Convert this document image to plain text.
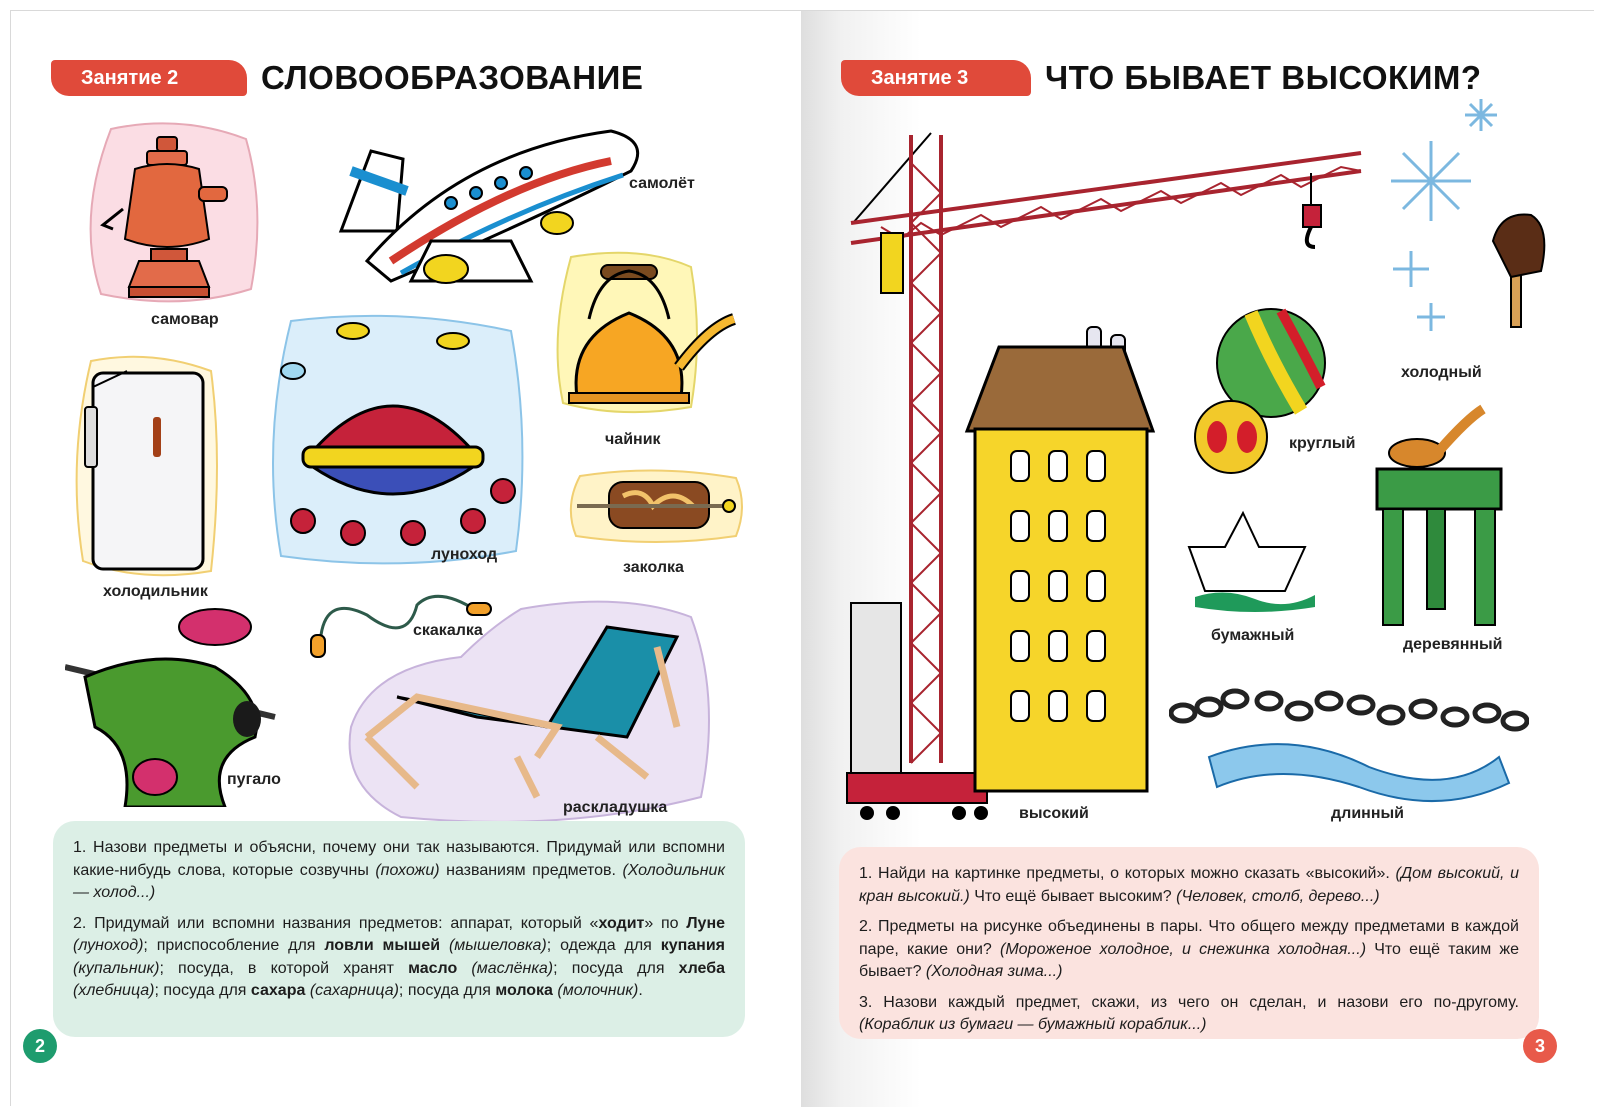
Занятие 2	СЛОВООБРАЗОВАНИЕ
самовар
самолёт
чайник
холодильник
луноход
заколка
скакалка
пугало
раскладушка

1. Назови предметы и объясни, почему они так называются. Придумай или вспомни какие-нибудь слова, которые созвучны (похожи) названиям предметов. (Холодильник — холод...)

2. Придумай или вспомни названия предметов: аппарат, который «ходит» по Луне (луноход); приспособление для ловли мышей (мышеловка); одежда для купания (купальник); посуда, в которой хранят масло (маслёнка); посуда для хлеба (хлебница); посуда для сахара (сахарница); посуда для молока (молочник).

2
Занятие 3	ЧТО БЫВАЕТ ВЫСОКИМ?
высокий
холодный
круглый
деревянный
бумажный
длинный

1. Найди на картинке предметы, о которых можно сказать «высокий». (Дом высокий, и кран высокий.) Что ещё бывает высоким? (Человек, столб, дерево...)

2. Предметы на рисунке объединены в пары. Что общего между предметами в каждой паре, какие они? (Мороженое холодное, и снежинка холодная...) Что ещё таким же бывает? (Холодная зима...)

3. Назови каждый предмет, скажи, из чего он сделан, и назови его по-другому. (Кораблик из бумаги — бумажный кораблик...)

3
